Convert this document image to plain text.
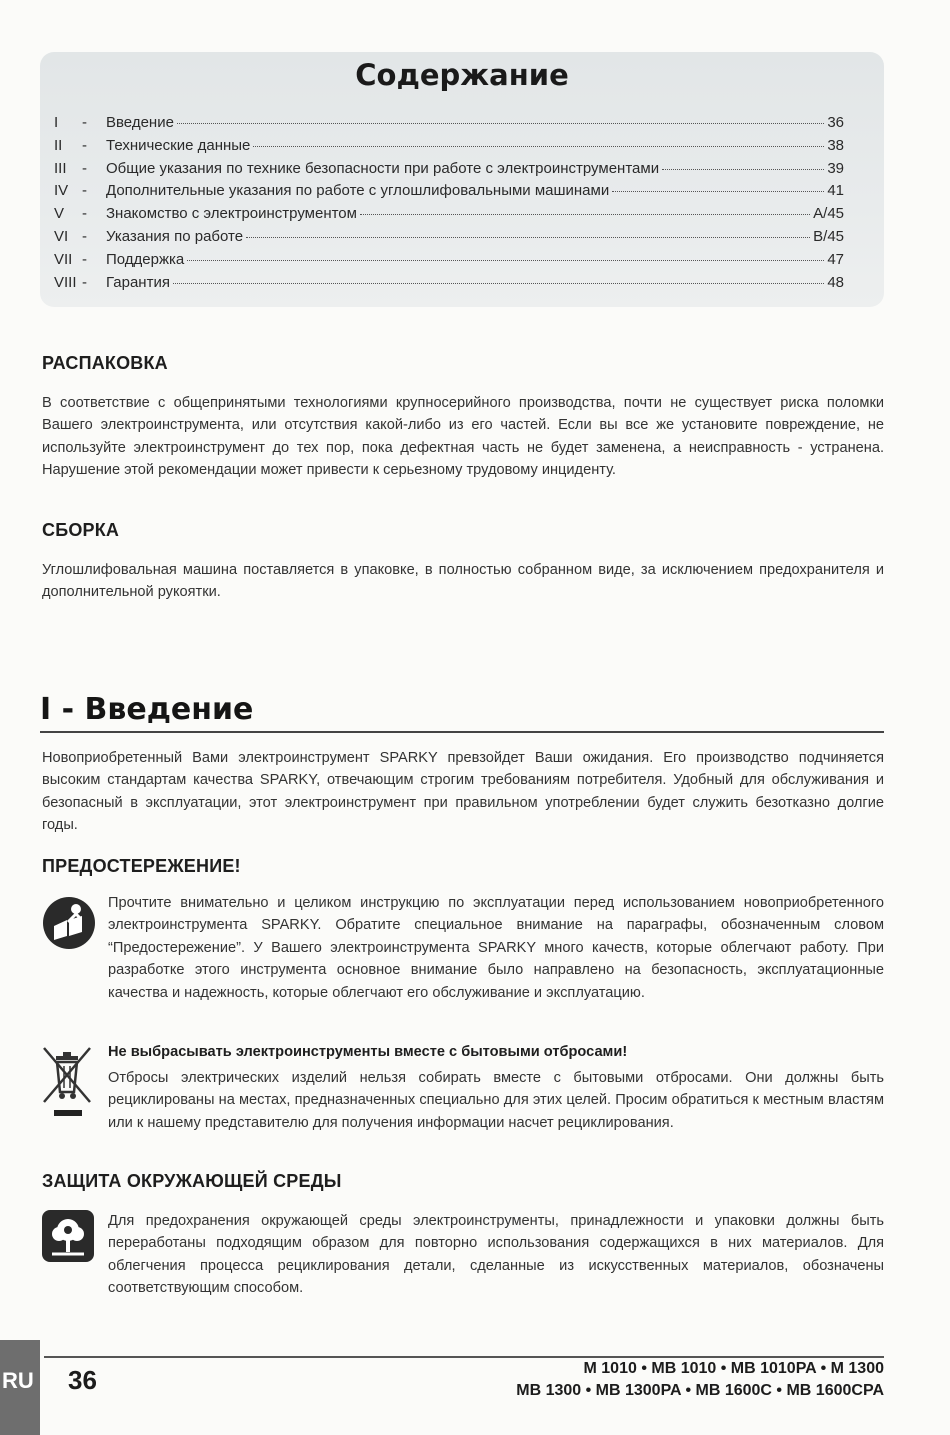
Содержание
I	-	Введение	36
II	-	Технические данные	38
III	-	Общие указания по технике безопасности при работе с электроинструментами	39
IV -	Дополнительные указания по работе с углошлифовальными машинами	41
V	-	Знакомство с электроинструментом	A/45
VI -	Указания по работе	B/45
VII -	Поддержка	47
VIII -	Гарантия	48
РАСПАКОВКА

В соответствие с общепринятыми технологиями крупносерийного производства, почти не существует риска поломки Вашего электроинструмента, или отсутствия какой-либо из его частей. Если вы все же установите повреждение, не используйте электроинструмент до тех пор, пока дефектная часть не будет заменена, а неисправность - устранена. Нарушение этой рекомендации может привести к серьезному трудовому инциденту.

СБОРКА

Углошлифовальная машина поставляется в упаковке, в полностью собранном виде, за исключением предохранителя и дополнительной рукоятки.

I - Введение

Новоприобретенный Вами электроинструмент SPARKY превзойдет Ваши ожидания. Его производство подчиняется высоким стандартам качества SPARKY, отвечающим строгим требованиям потребителя. Удобный для обслуживания и безопасный в эксплуатации, этот электроинструмент при правильном употреблении будет служить безотказно долгие годы.

ПРЕДОСТЕРЕЖЕНИЕ!

Прочтите внимательно и целиком инструкцию по эксплуатации перед использованием новоприобретенного электроинструмента SPARKY. Обратите специальное внимание на параграфы, обозначенным словом “Предостережение”. У Вашего электроинструмента SPARKY много качеств, которые облегчают работу. При разработке этого инструмента основное внимание было направлено на безопасность, эксплуатационные качества и надежность, которые облегчают его обслуживание и эксплуатацию.

Не выбрасывать электроинструменты вместе с бытовыми отбросами!

Отбросы электрических изделий нельзя собирать вместе с бытовыми отбросами. Они должны быть рециклированы на местах, предназначенных специально для этих целей. Просим обратиться к местным властям или к нашему представителю для получения информации насчет рециклирования.

ЗАЩИТА ОКРУЖАЮЩЕЙ СРЕДЫ

Для предохранения окружающей среды электроинструменты, принадлежности и упаковки должны быть переработаны подходящим образом для повторно использования содержащихся в них материалов. Для облегчения процесса рециклирования детали, сделанные из искусственных материалов, обозначены соответствующим способом.

RU 36	M 1010 • MB 1010 • MB 1010PA • M 1300
MB 1300 • MB 1300PA • MB 1600C • MB 1600CPA
